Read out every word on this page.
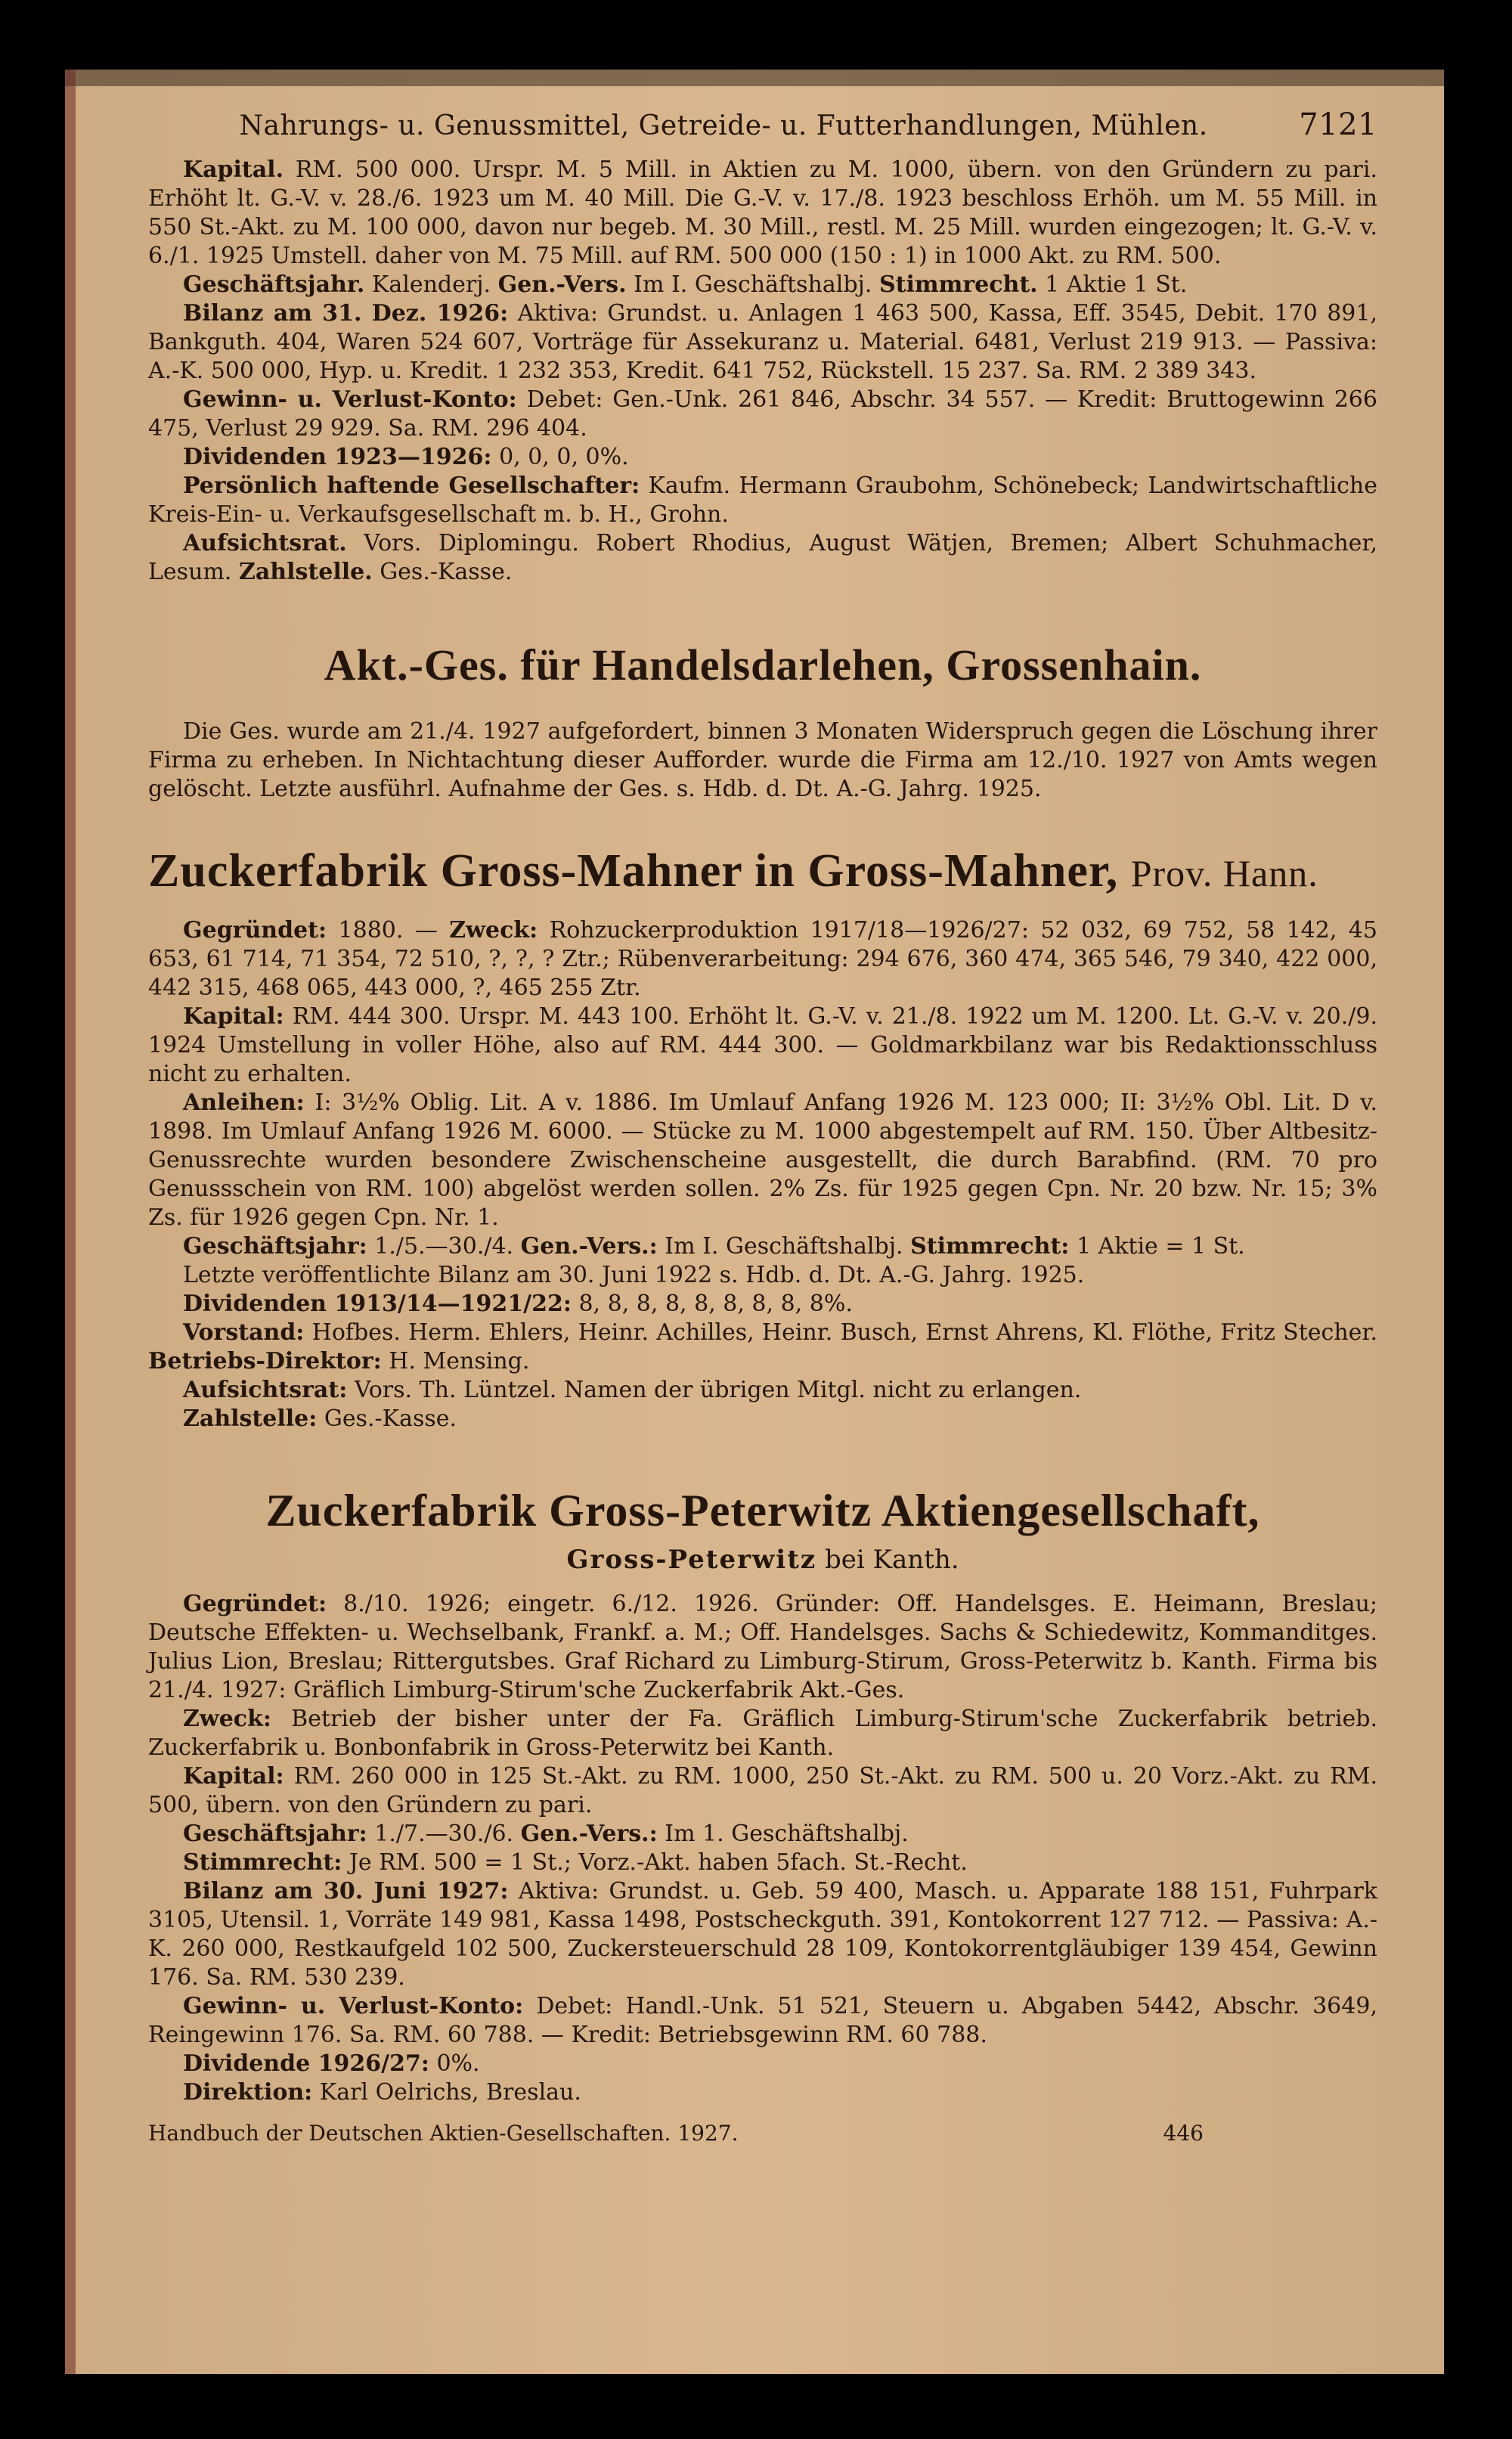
Nahrungs- u. Genussmittel, Getreide- u. Futterhandlungen, Mühlen.	7121

Kapital. RM. 500 000. Urspr. M. 5 Mill. in Aktien zu M. 1000, übern. von den Gründern zu pari. Erhöht lt. G.-V. v. 28./6. 1923 um M. 40 Mill. Die G.-V. v. 17./8. 1923 beschloss Erhöh. um M. 55 Mill. in 550 St.-Akt. zu M. 100 000, davon nur begeb. M. 30 Mill., restl. M. 25 Mill. wurden eingezogen; lt. G.-V. v. 6./1. 1925 Umstell. daher von M. 75 Mill. auf RM. 500 000 (150 : 1) in 1000 Akt. zu RM. 500.

Geschäftsjahr. Kalenderj. Gen.-Vers. Im I. Geschäftshalbj. Stimmrecht. 1 Aktie 1 St.

Bilanz am 31. Dez. 1926: Aktiva: Grundst. u. Anlagen 1 463 500, Kassa, Eff. 3545, Debit. 170 891, Bankguth. 404, Waren 524 607, Vorträge für Assekuranz u. Material. 6481, Verlust 219 913. — Passiva: A.-K. 500 000, Hyp. u. Kredit. 1 232 353, Kredit. 641 752, Rückstell. 15 237. Sa. RM. 2 389 343.

Gewinn- u. Verlust-Konto: Debet: Gen.-Unk. 261 846, Abschr. 34 557. — Kredit: Bruttogewinn 266 475, Verlust 29 929. Sa. RM. 296 404.

Dividenden 1923—1926: 0, 0, 0, 0%.

Persönlich haftende Gesellschafter: Kaufm. Hermann Graubohm, Schönebeck; Landwirtschaftliche Kreis-Ein- u. Verkaufsgesellschaft m. b. H., Grohn.

Aufsichtsrat. Vors. Diplomingu. Robert Rhodius, August Wätjen, Bremen; Albert Schuhmacher, Lesum. Zahlstelle. Ges.-Kasse.

Akt.-Ges. für Handelsdarlehen, Grossenhain.

Die Ges. wurde am 21./4. 1927 aufgefordert, binnen 3 Monaten Widerspruch gegen die Löschung ihrer Firma zu erheben. In Nichtachtung dieser Aufforder. wurde die Firma am 12./10. 1927 von Amts wegen gelöscht. Letzte ausführl. Aufnahme der Ges. s. Hdb. d. Dt. A.-G. Jahrg. 1925.

Zuckerfabrik Gross-Mahner in Gross-Mahner, Prov. Hann.

Gegründet: 1880. — Zweck: Rohzuckerproduktion 1917/18—1926/27: 52 032, 69 752, 58 142, 45 653, 61 714, 71 354, 72 510, ?, ?, ? Ztr.; Rübenverarbeitung: 294 676, 360 474, 365 546, 79 340, 422 000, 442 315, 468 065, 443 000, ?, 465 255 Ztr.

Kapital: RM. 444 300. Urspr. M. 443 100. Erhöht lt. G.-V. v. 21./8. 1922 um M. 1200. Lt. G.-V. v. 20./9. 1924 Umstellung in voller Höhe, also auf RM. 444 300. — Goldmarkbilanz war bis Redaktionsschluss nicht zu erhalten.

Anleihen: I: 3½% Oblig. Lit. A v. 1886. Im Umlauf Anfang 1926 M. 123 000; II: 3½% Obl. Lit. D v. 1898. Im Umlauf Anfang 1926 M. 6000. — Stücke zu M. 1000 abgestempelt auf RM. 150. Über Altbesitz-Genussrechte wurden besondere Zwischenscheine ausgestellt, die durch Barabfind. (RM. 70 pro Genussschein von RM. 100) abgelöst werden sollen. 2% Zs. für 1925 gegen Cpn. Nr. 20 bzw. Nr. 15; 3% Zs. für 1926 gegen Cpn. Nr. 1.

Geschäftsjahr: 1./5.—30./4. Gen.-Vers.: Im I. Geschäftshalbj. Stimmrecht: 1 Aktie = 1 St.

Letzte veröffentlichte Bilanz am 30. Juni 1922 s. Hdb. d. Dt. A.-G. Jahrg. 1925.

Dividenden 1913/14—1921/22: 8, 8, 8, 8, 8, 8, 8, 8, 8%.

Vorstand: Hofbes. Herm. Ehlers, Heinr. Achilles, Heinr. Busch, Ernst Ahrens, Kl. Flöthe, Fritz Stecher. Betriebs-Direktor: H. Mensing.

Aufsichtsrat: Vors. Th. Lüntzel. Namen der übrigen Mitgl. nicht zu erlangen.

Zahlstelle: Ges.-Kasse.

Zuckerfabrik Gross-Peterwitz Aktiengesellschaft,
Gross-Peterwitz bei Kanth.

Gegründet: 8./10. 1926; eingetr. 6./12. 1926. Gründer: Off. Handelsges. E. Heimann, Breslau; Deutsche Effekten- u. Wechselbank, Frankf. a. M.; Off. Handelsges. Sachs & Schiedewitz, Kommanditges. Julius Lion, Breslau; Rittergutsbes. Graf Richard zu Limburg-Stirum, Gross-Peterwitz b. Kanth. Firma bis 21./4. 1927: Gräflich Limburg-Stirum'sche Zuckerfabrik Akt.-Ges.

Zweck: Betrieb der bisher unter der Fa. Gräflich Limburg-Stirum'sche Zuckerfabrik betrieb. Zuckerfabrik u. Bonbonfabrik in Gross-Peterwitz bei Kanth.

Kapital: RM. 260 000 in 125 St.-Akt. zu RM. 1000, 250 St.-Akt. zu RM. 500 u. 20 Vorz.-Akt. zu RM. 500, übern. von den Gründern zu pari.

Geschäftsjahr: 1./7.—30./6. Gen.-Vers.: Im 1. Geschäftshalbj.

Stimmrecht: Je RM. 500 = 1 St.; Vorz.-Akt. haben 5fach. St.-Recht.

Bilanz am 30. Juni 1927: Aktiva: Grundst. u. Geb. 59 400, Masch. u. Apparate 188 151, Fuhrpark 3105, Utensil. 1, Vorräte 149 981, Kassa 1498, Postscheckguth. 391, Kontokorrent 127 712. — Passiva: A.-K. 260 000, Restkaufgeld 102 500, Zuckersteuerschuld 28 109, Kontokorrentgläubiger 139 454, Gewinn 176. Sa. RM. 530 239.

Gewinn- u. Verlust-Konto: Debet: Handl.-Unk. 51 521, Steuern u. Abgaben 5442, Abschr. 3649, Reingewinn 176. Sa. RM. 60 788. — Kredit: Betriebsgewinn RM. 60 788.

Dividende 1926/27: 0%.

Direktion: Karl Oelrichs, Breslau.

Handbuch der Deutschen Aktien-Gesellschaften. 1927.	446
